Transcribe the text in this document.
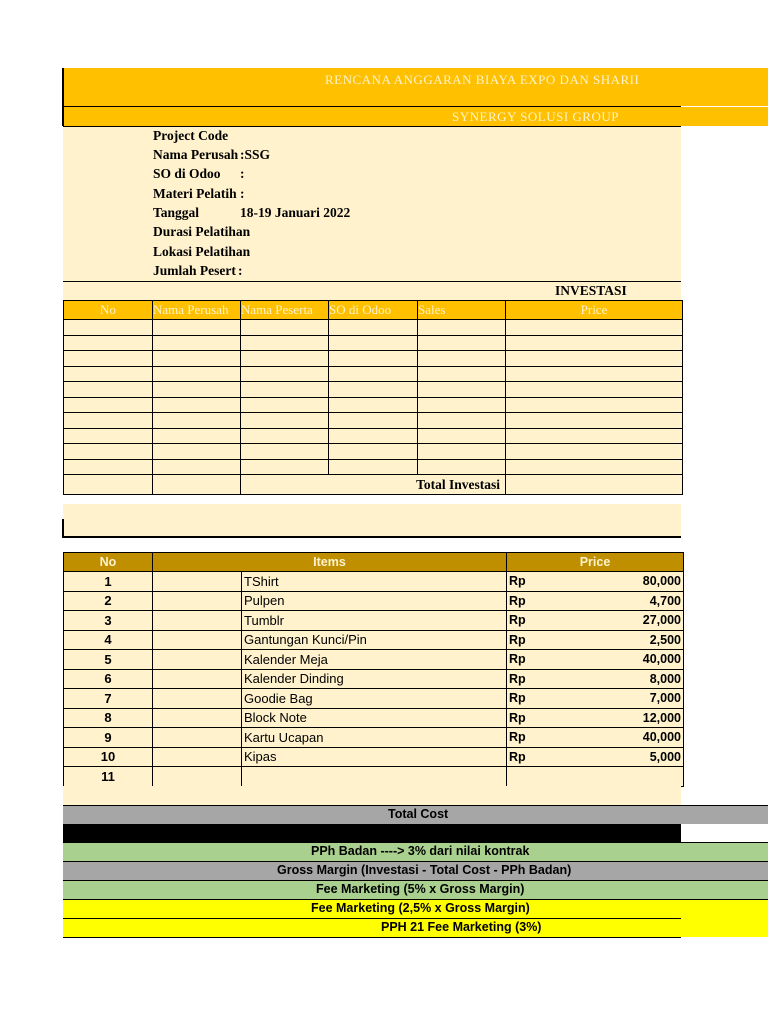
RENCANA ANGGARAN BIAYA EXPO DAN SHARII
SYNERGY SOLUSI GROUP
Project Code
Nama Perusah :SSG
SO di Odoo :
Materi Pelatih :
Tanggal	18-19 Januari 2022
Durasi Pelatihan
Lokasi Pelatihan
Jumlah Pesert :
INVESTASI
No	Nama Perusah	Nama Peserta	SO di Odoo	Sales	Price

		Total Investasi			
No	Items		Price
1		TShirt	Rp 80,000

2		Pulpen	Rp 4,700

3		Tumblr	Rp 27,000

4		Gantungan Kunci/Pin	Rp 2,500

5		Kalender Meja	Rp 40,000

6		Kalender Dinding	Rp 8,000

7		Goodie Bag	Rp 7,000

8		Block Note	Rp 12,000

9		Kartu Ucapan	Rp 40,000

10		Kipas	Rp 5,000

11			
Total Cost
PPh Badan ----> 3% dari nilai kontrak
Gross Margin (Investasi - Total Cost - PPh Badan)
Fee Marketing (5% x Gross Margin)
Fee Marketing (2,5% x Gross Margin)
PPH 21 Fee Marketing (3%)
